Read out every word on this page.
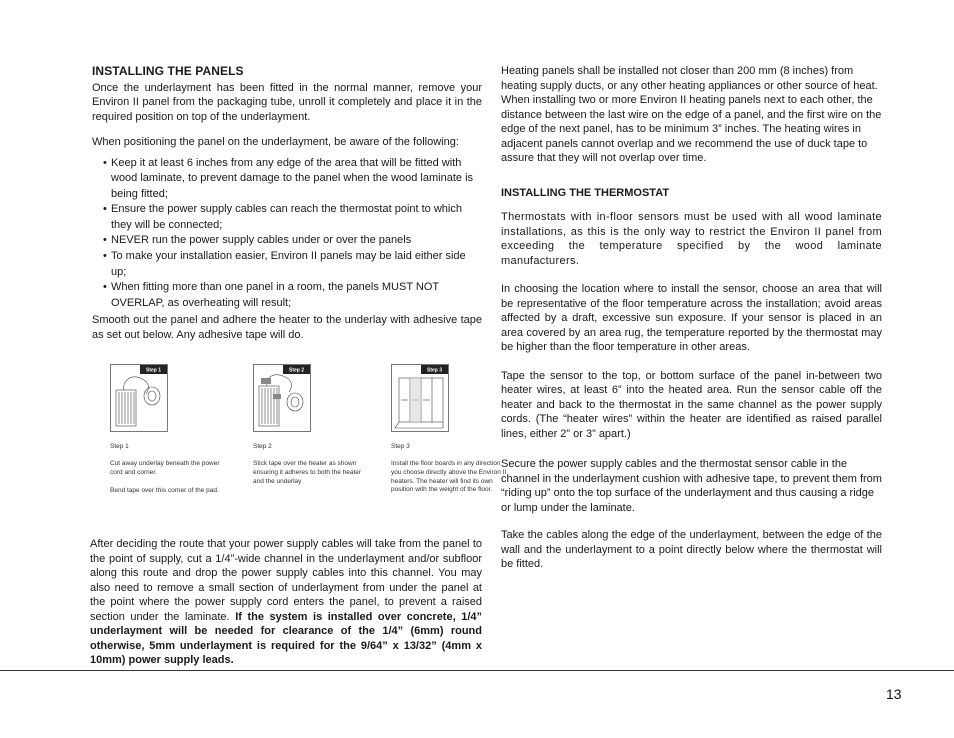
INSTALLING THE PANELS

Once the underlayment has been fitted in the normal manner, remove your Environ II panel from the packaging tube, unroll it completely and place it in the required position on top of the underlayment.

When positioning the panel on the underlayment, be aware of the following:

• Keep it at least 6 inches from any edge of the area that will be fitted with wood laminate, to prevent damage to the panel when the wood laminate is being fitted;
• Ensure the power supply cables can reach the thermostat point to which they will be connected;
• NEVER run the power supply cables under or over the panels
• To make your installation easier, Environ II panels may be laid either side up;
• When fitting more than one panel in a room, the panels MUST NOT OVERLAP, as overheating will result;

Smooth out the panel and adhere the heater to the underlay with adhesive tape as set out below. Any adhesive tape will do.

Step 1
Step 1
Cut away underlay beneath the power cord and corner.
Bend tape over this corner of the pad.
Step 2
Step 2
Stick tape over the heater as shown ensuring it adheres to both the heater and the underlay
Step 3
Step 3
Install the floor boards in any direction you choose directly above the Environ II heaters. The heater will find its own position with the weight of the floor.

After deciding the route that your power supply cables will take from the panel to the point of supply, cut a 1/4”-wide channel in the underlayment and/or subfloor along this route and drop the power supply cables into this channel. You may also need to remove a small section of underlayment from under the panel at the point where the power supply cord enters the panel, to prevent a raised section under the laminate. If the system is installed over concrete, 1/4” underlayment will be needed for clearance of the 1/4” (6mm) round otherwise, 5mm underlayment is required for the 9/64” x 13/32” (4mm x 10mm) power supply leads.

Heating panels shall be installed not closer than 200 mm (8 inches) from heating supply ducts, or any other heating appliances or other source of heat. When installing two or more Environ II heating panels next to each other, the distance between the last wire on the edge of a panel, and the first wire on the edge of the next panel, has to be minimum 3” inches. The heating wires in adjacent panels cannot overlap and we recommend the use of duck tape to assure that they will not overlap over time.

INSTALLING THE THERMOSTAT

Thermostats with in-floor sensors must be used with all wood laminate installations, as this is the only way to restrict the Environ II panel from exceeding the temperature specified by the wood laminate manufacturers.

In choosing the location where to install the sensor, choose an area that will be representative of the floor temperature across the installation; avoid areas affected by a draft, excessive sun exposure. If your sensor is placed in an area covered by an area rug, the temperature reported by the thermostat may be higher than the floor temperature in other areas.

Tape the sensor to the top, or bottom surface of the panel in-between two heater wires, at least 6” into the heated area. Run the sensor cable off the heater and back to the thermostat in the same channel as the power supply cords. (The “heater wires” within the heater are identified as raised parallel lines, either 2” or 3” apart.)

Secure the power supply cables and the thermostat sensor cable in the channel in the underlayment cushion with adhesive tape, to prevent them from “riding up” onto the top surface of the underlayment and thus causing a ridge or lump under the laminate.

Take the cables along the edge of the underlayment, between the edge of the wall and the underlayment to a point directly below where the thermostat will be fitted.

13
